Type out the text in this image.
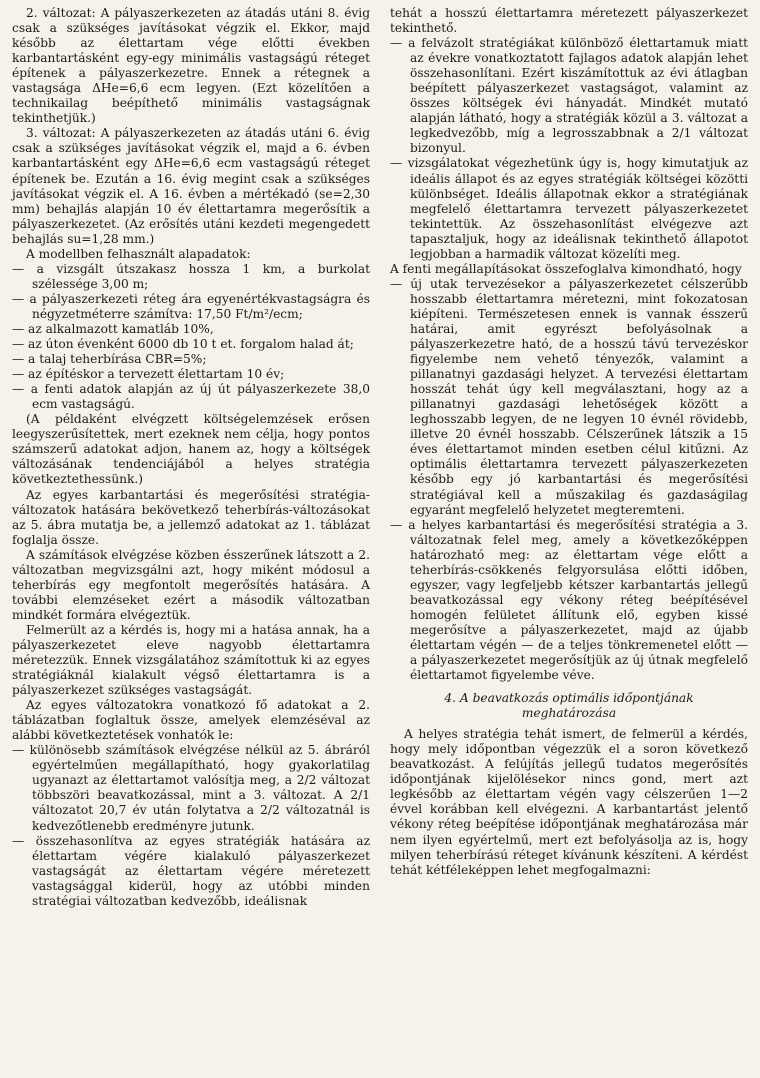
2. változat: A pályaszerkezeten az átadás utáni 8. évig csak a szükséges javításokat végzik el. Ekkor, majd később az élettartam vége előtti években karbantartásként egy-egy minimális vastagságú réteget építenek a pályaszerkezetre. Ennek a rétegnek a vastagsága ΔHe=6,6 ecm legyen. (Ezt közelítően a technikailag beépíthető minimális vastagságnak tekinthetjük.)

3. változat: A pályaszerkezeten az átadás utáni 6. évig csak a szükséges javításokat végzik el, majd a 6. évben karbantartásként egy ΔHe=6,6 ecm vastagságú réteget építenek be. Ezután a 16. évig megint csak a szükséges javításokat végzik el. A 16. évben a mértékadó (se=2,30 mm) behajlás alapján 10 év élettartamra megerősítik a pályaszerkezetet. (Az erősítés utáni kezdeti megengedett behajlás su=1,28 mm.)

A modellben felhasznált alapadatok:

— a vizsgált útszakasz hossza 1 km, a burkolat szélessége 3,00 m;

— a pályaszerkezeti réteg ára egyenértékvastagságra és négyzetméterre számítva: 17,50 Ft/m²/ecm;

— az alkalmazott kamatláb 10%,

— az úton évenként 6000 db 10 t et. forgalom halad át;

— a talaj teherbírása CBR=5%;

— az építéskor a tervezett élettartam 10 év;

— a fenti adatok alapján az új út pályaszerkezete 38,0 ecm vastagságú.

(A példaként elvégzett költségelemzések erősen leegyszerűsítettek, mert ezeknek nem célja, hogy pontos számszerű adatokat adjon, hanem az, hogy a költségek változásának tendenciájából a helyes stratégia következtethessünk.)

Az egyes karbantartási és megerősítési stratégia-változatok hatására bekövetkező teherbírás-változásokat az 5. ábra mutatja be, a jellemző adatokat az 1. táblázat foglalja össze.

A számítások elvégzése közben ésszerűnek látszott a 2. változatban megvizsgálni azt, hogy miként módosul a teherbírás egy megfontolt megerősítés hatására. A további elemzéseket ezért a második változatban mindkét formára elvégeztük.

Felmerült az a kérdés is, hogy mi a hatása annak, ha a pályaszerkezetet eleve nagyobb élettartamra méretezzük. Ennek vizsgálatához számítottuk ki az egyes stratégiáknál kialakult végső élettartamra is a pályaszerkezet szükséges vastagságát.

Az egyes változatokra vonatkozó fő adatokat a 2. táblázatban foglaltuk össze, amelyek elemzéséval az alábbi következtetések vonhatók le:

— különösebb számítások elvégzése nélkül az 5. ábráról egyértelműen megállapítható, hogy gyakorlatilag ugyanazt az élettartamot valósítja meg, a 2/2 változat többszöri beavatkozással, mint a 3. változat. A 2/1 változatot 20,7 év után folytatva a 2/2 változatnál is kedvezőtlenebb eredményre jutunk.

— összehasonlítva az egyes stratégiák hatására az élettartam végére kialakuló pályaszerkezet vastagságát az élettartam végére méretezett vastagsággal kiderül, hogy az utóbbi minden stratégiai változatban kedvezőbb, ideálisnak

tehát a hosszú élettartamra méretezett pályaszerkezet tekinthető.

— a felvázolt stratégiákat különböző élettartamuk miatt az évekre vonatkoztatott fajlagos adatok alapján lehet összehasonlítani. Ezért kiszámítottuk az évi átlagban beépített pályaszerkezet vastagságot, valamint az összes költségek évi hányadát. Mindkét mutató alapján látható, hogy a stratégiák közül a 3. változat a legkedvezőbb, míg a legrosszabbnak a 2/1 változat bizonyul.

— vizsgálatokat végezhetünk úgy is, hogy kimutatjuk az ideális állapot és az egyes stratégiák költségei közötti különbséget. Ideális állapotnak ekkor a stratégiának megfelelő élettartamra tervezett pályaszerkezetet tekintettük. Az összehasonlítást elvégezve azt tapasztaljuk, hogy az ideálisnak tekinthető állapotot legjobban a harmadik változat közelíti meg.

A fenti megállapításokat összefoglalva kimondható, hogy

— új utak tervezésekor a pályaszerkezetet célszerűbb hosszabb élettartamra méretezni, mint fokozatosan kiépíteni. Természetesen ennek is vannak ésszerű határai, amit egyrészt befolyásolnak a pályaszerkezetre ható, de a hosszú távú tervezéskor figyelembe nem vehető tényezők, valamint a pillanatnyi gazdasági helyzet. A tervezési élettartam hosszát tehát úgy kell megválasztani, hogy az a pillanatnyi gazdasági lehetőségek között a leghosszabb legyen, de ne legyen 10 évnél rövidebb, illetve 20 évnél hosszabb. Célszerűnek látszik a 15 éves élettartamot minden esetben célul kitűzni. Az optimális élettartamra tervezett pályaszerkezeten később egy jó karbantartási és megerősítési stratégiával kell a műszakilag és gazdaságilag egyaránt megfelelő helyzetet megteremteni.

— a helyes karbantartási és megerősítési stratégia a 3. változatnak felel meg, amely a következőképpen határozható meg: az élettartam vége előtt a teherbírás-csökkenés felgyorsulása előtti időben, egyszer, vagy legfeljebb kétszer karbantartás jellegű beavatkozással egy vékony réteg beépítésével homogén felületet állítunk elő, egyben kissé megerősítve a pályaszerkezetet, majd az újabb élettartam végén — de a teljes tönkremenetel előtt — a pályaszerkezetet megerősítjük az új útnak megfelelő élettartamot figyelembe véve.

4. A beavatkozás optimális időpontjának
meghatározása

A helyes stratégia tehát ismert, de felmerül a kérdés, hogy mely időpontban végezzük el a soron következő beavatkozást. A felújítás jellegű tudatos megerősítés időpontjának kijelölésekor nincs gond, mert azt legkésőbb az élettartam végén vagy célszerűen 1—2 évvel korábban kell elvégezni. A karbantartást jelentő vékony réteg beépítése időpontjának meghatározása már nem ilyen egyértelmű, mert ezt befolyásolja az is, hogy milyen teherbírású réteget kívánunk készíteni. A kérdést tehát kétféleképpen lehet megfogalmazni:
